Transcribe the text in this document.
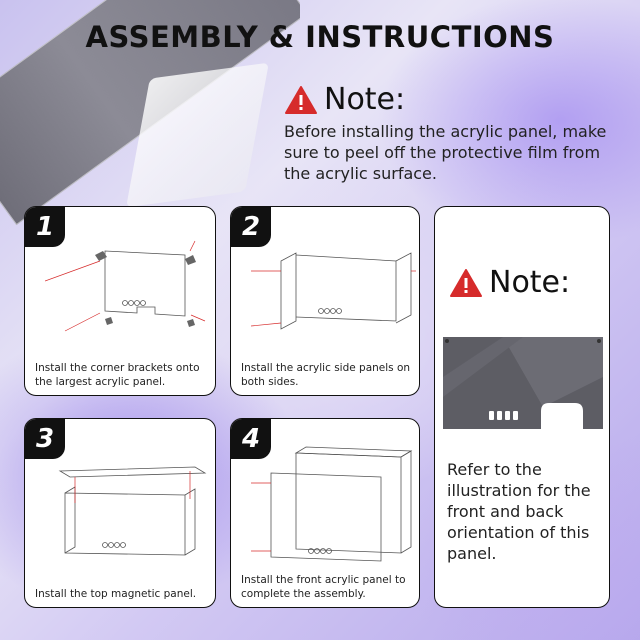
ASSEMBLY & INSTRUCTIONS
Note:
Before installing the acrylic panel, make sure to peel off the protective film from the acrylic surface.
1
Install the corner brackets onto the largest acrylic panel.
2
Install the acrylic side panels on both sides.
3
Install the top magnetic panel.
4
Install the front acrylic panel to complete the assembly.
Note:
Refer to the illustration for the front and back orientation of this panel.
